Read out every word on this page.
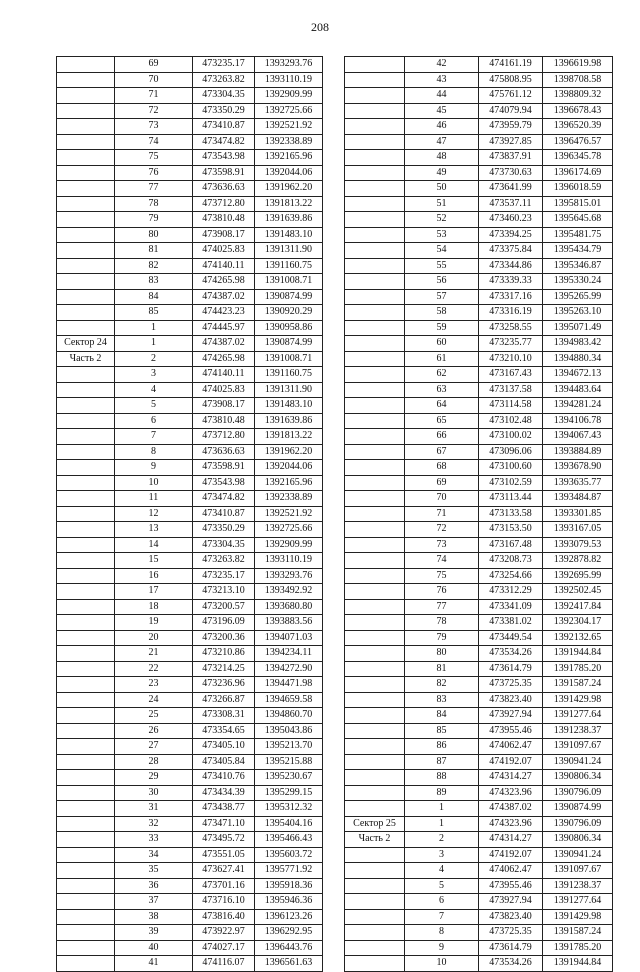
208
	69	473235.17	1393293.76
	70	473263.82	1393110.19
	71	473304.35	1392909.99
	72	473350.29	1392725.66
	73	473410.87	1392521.92
	74	473474.82	1392338.89
	75	473543.98	1392165.96
	76	473598.91	1392044.06
	77	473636.63	1391962.20
	78	473712.80	1391813.22
	79	473810.48	1391639.86
	80	473908.17	1391483.10
	81	474025.83	1391311.90
	82	474140.11	1391160.75
	83	474265.98	1391008.71
	84	474387.02	1390874.99
	85	474423.23	1390920.29
	1	474445.97	1390958.86
Сектор 24	1	474387.02	1390874.99
Часть 2	2	474265.98	1391008.71
	3	474140.11	1391160.75
	4	474025.83	1391311.90
	5	473908.17	1391483.10
	6	473810.48	1391639.86
	7	473712.80	1391813.22
	8	473636.63	1391962.20
	9	473598.91	1392044.06
	10	473543.98	1392165.96
	11	473474.82	1392338.89
	12	473410.87	1392521.92
	13	473350.29	1392725.66
	14	473304.35	1392909.99
	15	473263.82	1393110.19
	16	473235.17	1393293.76
	17	473213.10	1393492.92
	18	473200.57	1393680.80
	19	473196.09	1393883.56
	20	473200.36	1394071.03
	21	473210.86	1394234.11
	22	473214.25	1394272.90
	23	473236.96	1394471.98
	24	473266.87	1394659.58
	25	473308.31	1394860.70
	26	473354.65	1395043.86
	27	473405.10	1395213.70
	28	473405.84	1395215.88
	29	473410.76	1395230.67
	30	473434.39	1395299.15
	31	473438.77	1395312.32
	32	473471.10	1395404.16
	33	473495.72	1395466.43
	34	473551.05	1395603.72
	35	473627.41	1395771.92
	36	473701.16	1395918.36
	37	473716.10	1395946.36
	38	473816.40	1396123.26
	39	473922.97	1396292.95
	40	474027.17	1396443.76
	41	474116.07	1396561.63
	42	474161.19	1396619.98
	43	475808.95	1398708.58
	44	475761.12	1398809.32
	45	474079.94	1396678.43
	46	473959.79	1396520.39
	47	473927.85	1396476.57
	48	473837.91	1396345.78
	49	473730.63	1396174.69
	50	473641.99	1396018.59
	51	473537.11	1395815.01
	52	473460.23	1395645.68
	53	473394.25	1395481.75
	54	473375.84	1395434.79
	55	473344.86	1395346.87
	56	473339.33	1395330.24
	57	473317.16	1395265.99
	58	473316.19	1395263.10
	59	473258.55	1395071.49
	60	473235.77	1394983.42
	61	473210.10	1394880.34
	62	473167.43	1394672.13
	63	473137.58	1394483.64
	64	473114.58	1394281.24
	65	473102.48	1394106.78
	66	473100.02	1394067.43
	67	473096.06	1393884.89
	68	473100.60	1393678.90
	69	473102.59	1393635.77
	70	473113.44	1393484.87
	71	473133.58	1393301.85
	72	473153.50	1393167.05
	73	473167.48	1393079.53
	74	473208.73	1392878.82
	75	473254.66	1392695.99
	76	473312.29	1392502.45
	77	473341.09	1392417.84
	78	473381.02	1392304.17
	79	473449.54	1392132.65
	80	473534.26	1391944.84
	81	473614.79	1391785.20
	82	473725.35	1391587.24
	83	473823.40	1391429.98
	84	473927.94	1391277.64
	85	473955.46	1391238.37
	86	474062.47	1391097.67
	87	474192.07	1390941.24
	88	474314.27	1390806.34
	89	474323.96	1390796.09
	1	474387.02	1390874.99
Сектор 25	1	474323.96	1390796.09
Часть 2	2	474314.27	1390806.34
	3	474192.07	1390941.24
	4	474062.47	1391097.67
	5	473955.46	1391238.37
	6	473927.94	1391277.64
	7	473823.40	1391429.98
	8	473725.35	1391587.24
	9	473614.79	1391785.20
	10	473534.26	1391944.84
